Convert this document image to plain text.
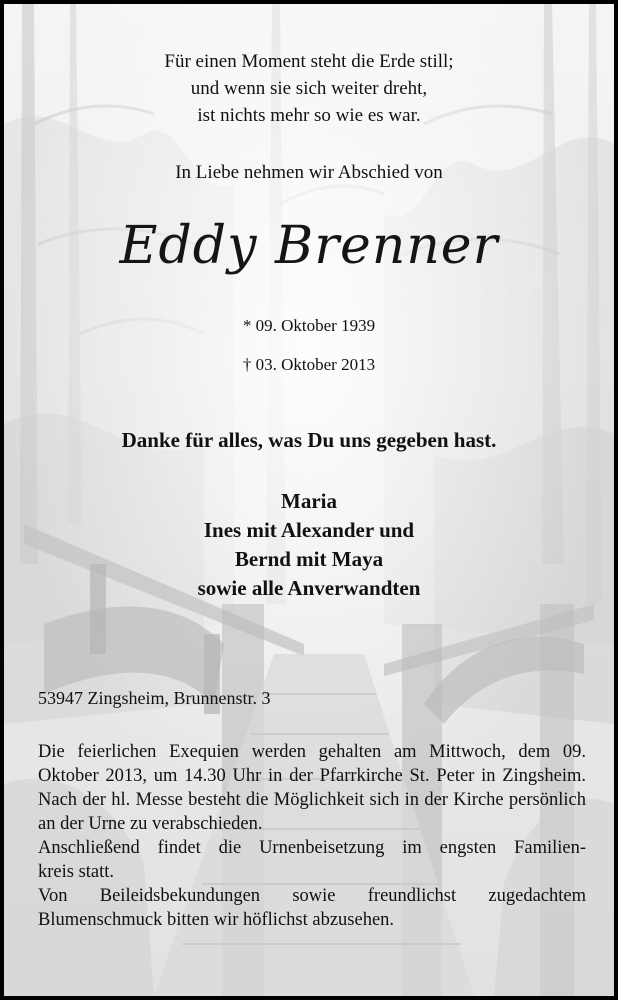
Für einen Moment steht die Erde still;
und wenn sie sich weiter dreht,
ist nichts mehr so wie es war.
In Liebe nehmen wir Abschied von
Eddy Brenner
* 09. Oktober 1939
† 03. Oktober 2013
Danke für alles, was Du uns gegeben hast.
Maria
Ines mit Alexander und
Bernd mit Maya
sowie alle Anverwandten
53947 Zingsheim, Brunnenstr. 3

Die feierlichen Exequien werden gehalten am Mittwoch, dem 09. Oktober 2013, um 14.30 Uhr in der Pfarrkirche St. Peter in Zingsheim. Nach der hl. Messe besteht die Möglichkeit sich in der Kirche persönlich an der Urne zu verabschieden.

Anschließend findet die Urnenbeisetzung im engsten Familien-

kreis statt.

Von Beileidsbekundungen sowie freundlichst zugedachtem Blumenschmuck bitten wir höflichst abzusehen.
